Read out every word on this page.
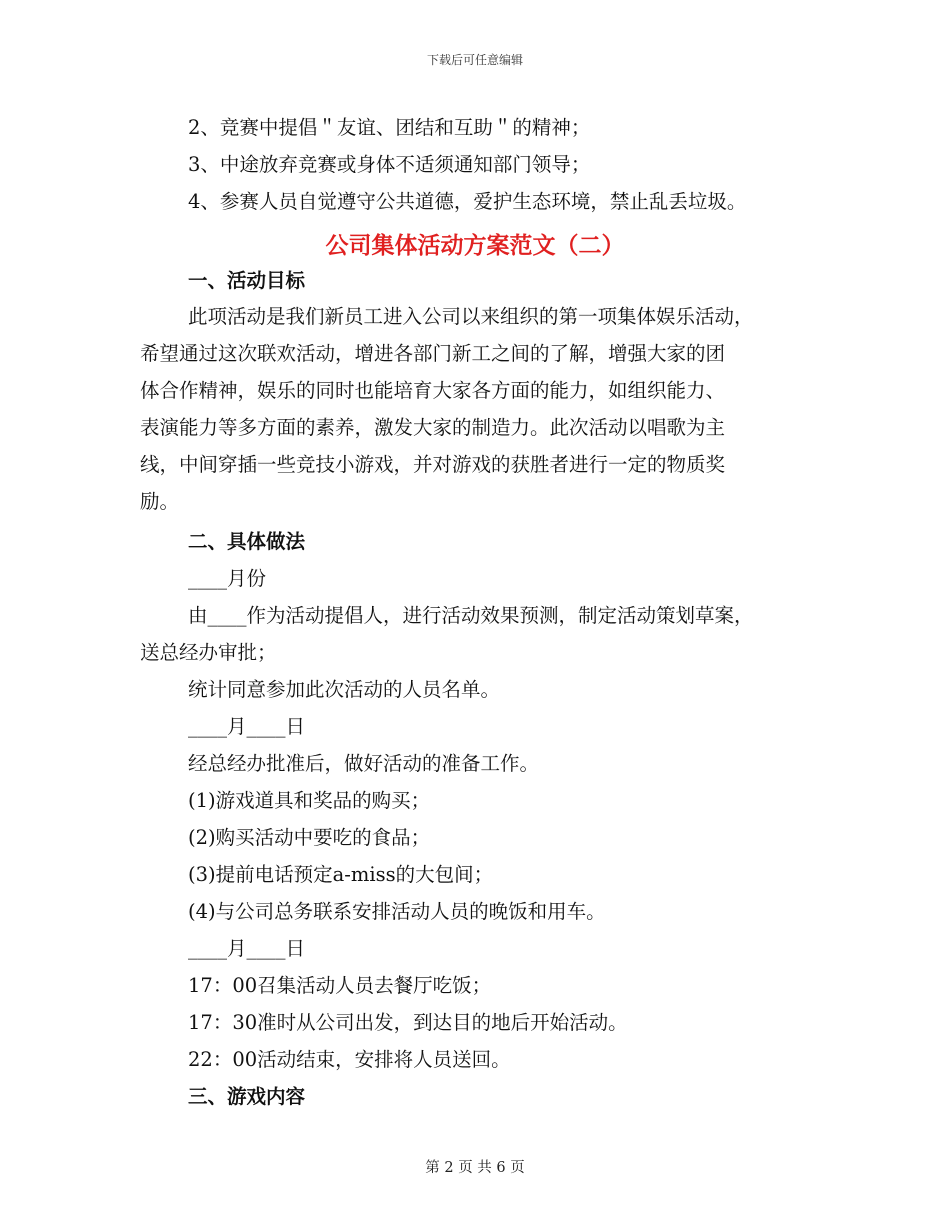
下载后可任意编辑
2、竞赛中提倡＂友谊、团结和互助＂的精神；
3、中途放弃竞赛或身体不适须通知部门领导；
4、参赛人员自觉遵守公共道德，爱护生态环境，禁止乱丢垃圾。
公司集体活动方案范文（二）
一、活动目标
此项活动是我们新员工进入公司以来组织的第一项集体娱乐活动，
希望通过这次联欢活动，增进各部门新工之间的了解，增强大家的团
体合作精神，娱乐的同时也能培育大家各方面的能力，如组织能力、
表演能力等多方面的素养，激发大家的制造力。此次活动以唱歌为主
线，中间穿插一些竞技小游戏，并对游戏的获胜者进行一定的物质奖
励。
二、具体做法
____月份
由____作为活动提倡人，进行活动效果预测，制定活动策划草案，
送总经办审批；
统计同意参加此次活动的人员名单。
____月____日
经总经办批准后，做好活动的准备工作。
(1)游戏道具和奖品的购买；
(2)购买活动中要吃的食品；
(3)提前电话预定a-miss的大包间；
(4)与公司总务联系安排活动人员的晚饭和用车。
____月____日
17：00召集活动人员去餐厅吃饭；
17：30准时从公司出发，到达目的地后开始活动。
22：00活动结束，安排将人员送回。
三、游戏内容
第 2 页 共 6 页
